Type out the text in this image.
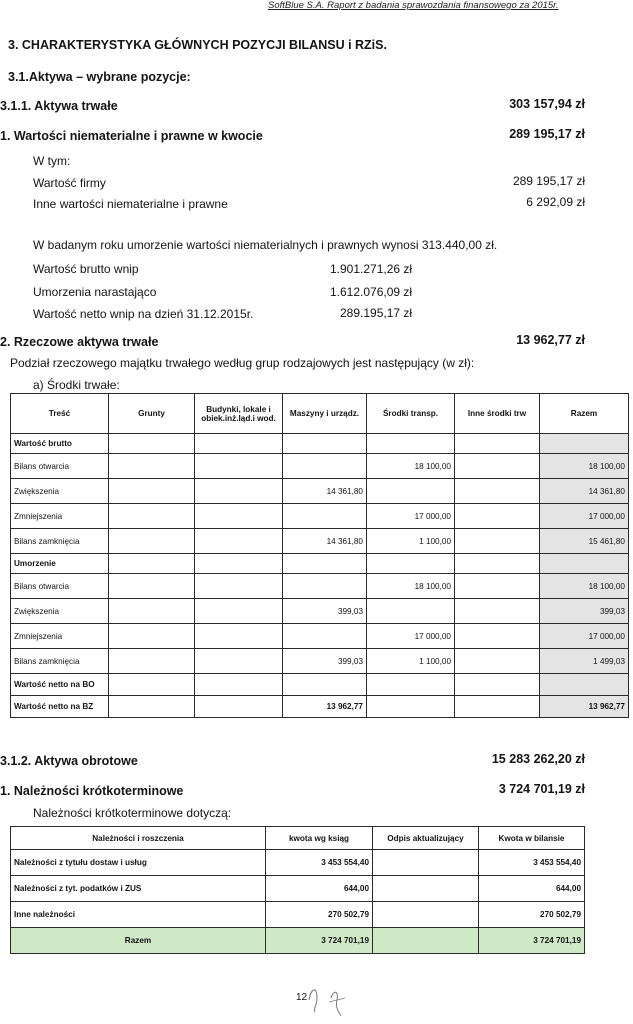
SoftBlue S.A. Raport z badania sprawozdania finansowego za 2015r.
3. CHARAKTERYSTYKA GŁÓWNYCH POZYCJI BILANSU i RZiS.
3.1.Aktywa – wybrane pozycje:
3.1.1. Aktywa trwałe	303 157,94 zł
1. Wartości niematerialne i prawne w kwocie	289 195,17 zł
W tym:
Wartość firmy	289 195,17 zł
Inne wartości niematerialne i prawne	6 292,09 zł
W badanym roku umorzenie wartości niematerialnych i prawnych wynosi 313.440,00 zł.
Wartość brutto wnip	1.901.271,26 zł
Umorzenia narastająco	1.612.076,09 zł
Wartość netto wnip na dzień 31.12.2015r.	289.195,17 zł
2. Rzeczowe aktywa trwałe	13 962,77 zł
Podział rzeczowego majątku trwałego według grup rodzajowych jest następujący (w zł):
a) Środki trwałe:
Treść	Grunty	Budynki, lokale i obiek.inż.ląd.i wod.	Maszyny i urządz.	Środki transp.	Inne środki trw	Razem
Wartość brutto						
Bilans otwarcia				18 100,00		18 100,00
Zwiększenia			14 361,80			14 361,80
Zmniejszenia				17 000,00		17 000,00
Bilans zamknięcia			14 361,80	1 100,00		15 461,80
Umorzenie						
Bilans otwarcia				18 100,00		18 100,00
Zwiększenia			399,03			399,03
Zmniejszenia				17 000,00		17 000,00
Bilans zamknięcia			399,03	1 100,00		1 499,03
Wartość netto na BO						
Wartość netto na BZ			13 962,77			13 962,77
3.1.2. Aktywa obrotowe	15 283 262,20 zł
1. Należności krótkoterminowe	3 724 701,19 zł
Należności krótkoterminowe dotyczą:
Należności i roszczenia	kwota wg ksiąg	Odpis aktualizujący	Kwota w bilansie
Należności z tytułu dostaw i usług	3 453 554,40		3 453 554,40
Należności z tyt. podatków i ZUS	644,00		644,00
Inne należności	270 502,79		270 502,79
Razem	3 724 701,19		3 724 701,19
12
